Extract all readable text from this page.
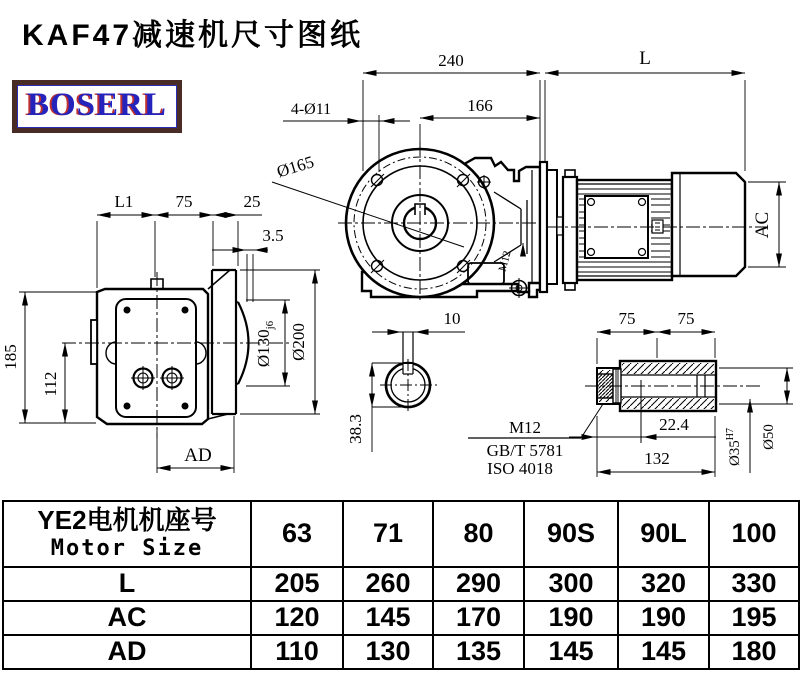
KAF47减速机尺寸图纸
BOSERL
240	L
166
4-Ø11
Ø165
AC
M12
L1 75	25
3.5
185
112
$Ø130_{j6}$ Ø200
AD
10
38.3	M12
GB/T 5781
ISO 4018
75 75
22.4
132	$Ø35^{H7}$	Ø50
YE2电机机座号
Motor Size	63	71	80	90S	90L	100
L	205	260	290	300	320	330
AC	120	145	170	190	190	195
AD	110	130	135	145	145	180
